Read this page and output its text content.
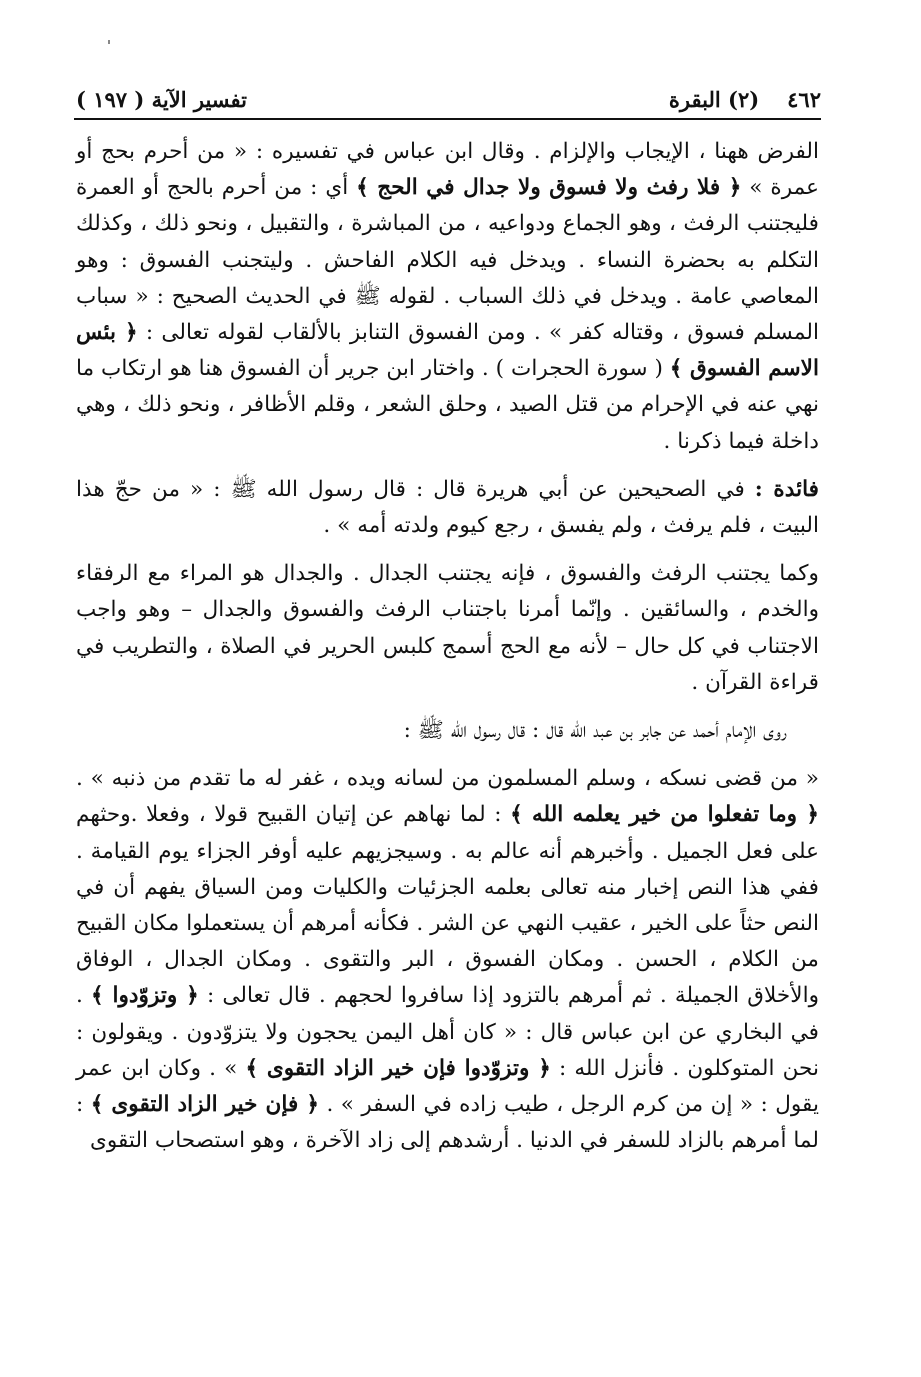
٤٦٢
(٢) البقرة
تفسير الآية ( ١٩٧ )

الفرض ههنا ، الإيجاب والإلزام . وقال ابن عباس في تفسيره : « من أحرم بحج أو عمرة » ﴿ فلا رفث ولا فسوق ولا جدال في الحج ﴾ أي : من أحرم بالحج أو العمرة فليجتنب الرفث ، وهو الجماع ودواعيه ، من المباشرة ، والتقبيل ، ونحو ذلك ، وكذلك التكلم به بحضرة النساء . ويدخل فيه الكلام الفاحش . وليتجنب الفسوق : وهو المعاصي عامة . ويدخل في ذلك السباب . لقوله ﷺ في الحديث الصحيح : « سباب المسلم فسوق ، وقتاله كفر » . ومن الفسوق التنابز بالألقاب لقوله تعالى : ﴿ بئس الاسم الفسوق ﴾ ( سورة الحجرات ) . واختار ابن جرير أن الفسوق هنا هو ارتكاب ما نهي عنه في الإحرام من قتل الصيد ، وحلق الشعر ، وقلم الأظافر ، ونحو ذلك ، وهي داخلة فيما ذكرنا .

فائدة : في الصحيحين عن أبي هريرة قال : قال رسول الله ﷺ : « من حجّ هذا البيت ، فلم يرفث ، ولم يفسق ، رجع كيوم ولدته أمه » .

وكما يجتنب الرفث والفسوق ، فإنه يجتنب الجدال . والجدال هو المراء مع الرفقاء والخدم ، والسائقين . وإنّما أمرنا باجتناب الرفث والفسوق والجدال – وهو واجب الاجتناب في كل حال – لأنه مع الحج أسمج كلبس الحرير في الصلاة ، والتطريب في قراءة القرآن .

روى الإمام أحمد عن جابر بن عبد الله قال : قال رسول الله ﷺ :

« من قضى نسكه ، وسلم المسلمون من لسانه ويده ، غفر له ما تقدم من ذنبه » . ﴿ وما تفعلوا من خير يعلمه الله ﴾ : لما نهاهم عن إتيان القبيح قولا ، وفعلا .وحثهم على فعل الجميل . وأخبرهم أنه عالم به . وسيجزيهم عليه أوفر الجزاء يوم القيامة . ففي هذا النص إخبار منه تعالى بعلمه الجزئيات والكليات ومن السياق يفهم أن في النص حثاً على الخير ، عقيب النهي عن الشر . فكأنه أمرهم أن يستعملوا مكان القبيح من الكلام ، الحسن . ومكان الفسوق ، البر والتقوى . ومكان الجدال ، الوفاق والأخلاق الجميلة . ثم أمرهم بالتزود إذا سافروا لحجهم . قال تعالى : ﴿ وتزوّدوا ﴾ . في البخاري عن ابن عباس قال : « كان أهل اليمن يحجون ولا يتزوّدون . ويقولون : نحن المتوكلون . فأنزل الله : ﴿ وتزوّدوا فإن خير الزاد التقوى ﴾ » . وكان ابن عمر يقول : « إن من كرم الرجل ، طيب زاده في السفر » . ﴿ فإن خير الزاد التقوى ﴾ : لما أمرهم بالزاد للسفر في الدنيا . أرشدهم إلى زاد الآخرة ، وهو استصحاب التقوى
